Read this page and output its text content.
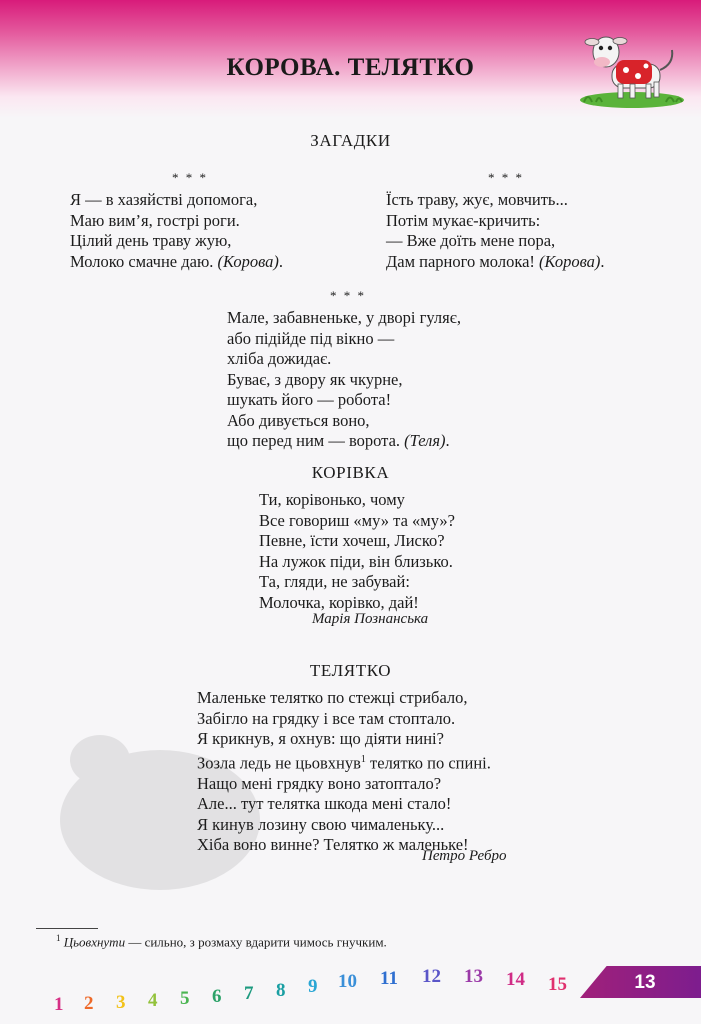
КОРОВА. ТЕЛЯТКО
ЗАГАДКИ
* * *
Я — в хазяйстві допомога,
Маю вим’я, гострі роги.
Цілий день траву жую,
Молоко смачне даю. (Корова).
* * *
Їсть траву, жує, мовчить...
Потім мукає-кричить:
— Вже доїть мене пора,
Дам парного молока! (Корова).
* * *
Мале, забавненьке, у дворі гуляє,
або підійде під вікно —
хліба дожидає.
Буває, з двору як чкурне,
шукать його — робота!
Або дивується воно,
що перед ним — ворота. (Теля).
КОРІВКА
Ти, корівонько, чому
Все говориш «му» та «му»?
Певне, їсти хочеш, Лиско?
На лужок піди, він близько.
Та, гляди, не забувай:
Молочка, корівко, дай!
Марія Познанська
ТЕЛЯТКО
Маленьке телятко по стежці стрибало,
Забігло на грядку і все там стоптало.
Я крикнув, я охнув: що діяти нині?
Зозла ледь не цьовхнув$^1$ телятко по спині.
Нащо мені грядку воно затоптало?
Але... тут телятка шкода мені стало!
Я кинув лозину свою чималеньку...
Хіба воно винне? Телятко ж маленьке!
Петро Ребро
$^1$ Цьовхнути — сильно, з розмаху вдарити чимось гнучким.
1 2 3 4 5 6 7 8 9 10 11 12 13 14 15	13
